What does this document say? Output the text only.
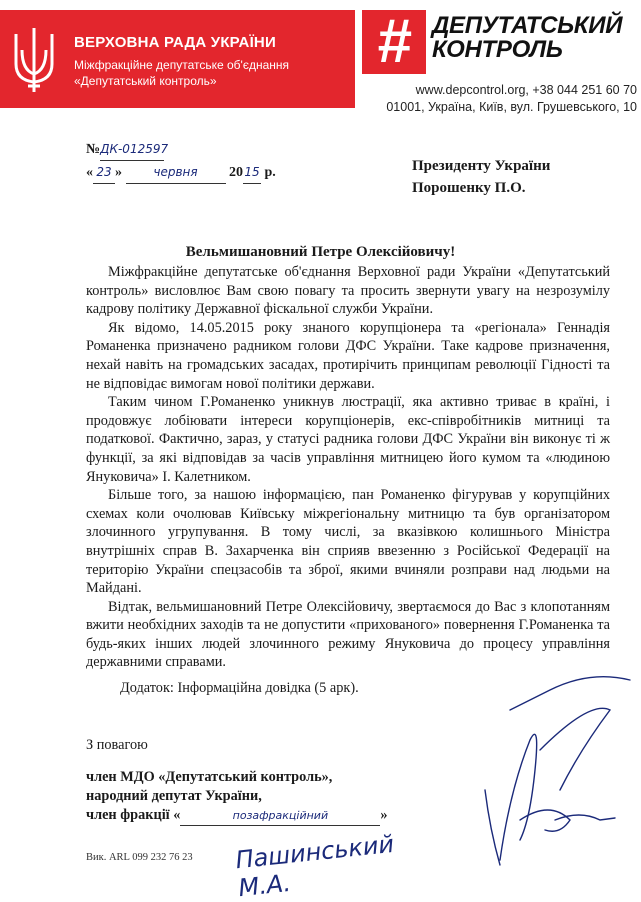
ВЕРХОВНА РАДА УКРАЇНИ
Міжфракційне депутатське об'єднання
«Депутатський контроль»
# ДЕПУТАТСЬКИЙ
КОНТРОЛЬ
www.depcontrol.org, +38 044 251 60 70
01001, Україна, Київ, вул. Грушевського, 10
№ДК-012597
« 23 »	червня 2015 р.	Президенту України
Порошенку П.О.
Вельмишановний Петре Олексійовичу!

Міжфракційне депутатське об'єднання Верховної ради України «Депутатський контроль» висловлює Вам свою повагу та просить звернути увагу на незрозумілу кадрову політику Державної фіскальної служби України.

Як відомо, 14.05.2015 року знаного корупціонера та «регіонала» Геннадія Романенка призначено радником голови ДФС України. Таке кадрове призначення, нехай навіть на громадських засадах, протирічить принципам революції Гідності та не відповідає вимогам нової політики держави.

Таким чином Г.Романенко уникнув люстрації, яка активно триває в країні, і продовжує лобіювати інтереси корупціонерів, екс-співробітників митниці та податкової. Фактично, зараз, у статусі радника голови ДФС України він виконує ті ж функції, за які відповідав за часів управління митницею його кумом та «людиною Януковича» І. Калетником.

Більше того, за нашою інформацією, пан Романенко фігурував у корупційних схемах коли очолював Київську міжрегіональну митницю та був організатором злочинного угрупування. В тому числі, за вказівкою колишнього Міністра внутрішніх справ В. Захарченка він сприяв ввезенню з Російської Федерації на територію України спецзасобів та зброї, якими вчиняли розправи над людьми на Майдані.

Відтак, вельмишановний Петре Олексійовичу, звертаємося до Вас з клопотанням вжити необхідних заходів та не допустити «прихованого» повернення Г.Романенка та будь-яких інших людей злочинного режиму Януковича до процесу управління державними справами.

Додаток: Інформаційна довідка (5 арк).
З повагою
член МДО «Депутатський контроль»,
народний депутат України,
член фракції «	позафракційний	»
Пашинський М.А.
Вик. ARL 099 232 76 23
